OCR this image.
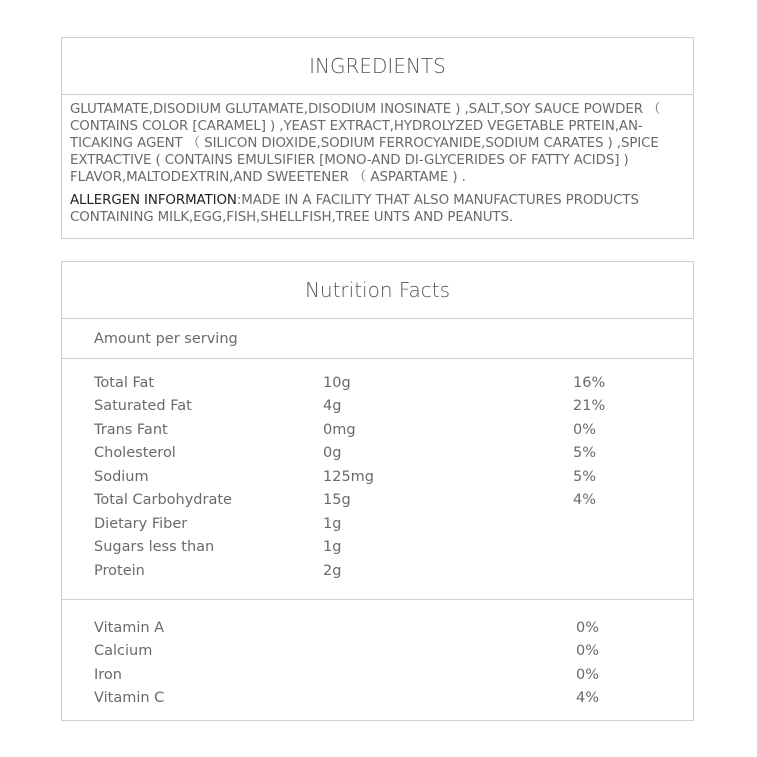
INGREDIENTS

GLUTAMATE,DISODIUM GLUTAMATE,DISODIUM INOSINATE ) ,SALT,SOY SAUCE POWDER （ CONTAINS COLOR [CARAMEL] ) ,YEAST EXTRACT,HYDROLYZED VEGETABLE PRTEIN,AN-TICAKING AGENT （ SILICON DIOXIDE,SODIUM FERROCYANIDE,SODIUM CARATES ) ,SPICE EXTRACTIVE ( CONTAINS EMULSIFIER [MONO-AND DI-GLYCERIDES OF FATTY ACIDS] ) FLAVOR,MALTODEXTRIN,AND SWEETENER （ ASPARTAME ) .

ALLERGEN INFORMATION:MADE IN A FACILITY THAT ALSO MANUFACTURES PRODUCTS CONTAINING MILK,EGG,FISH,SHELLFISH,TREE UNTS AND PEANUTS.

Nutrition Facts
Amount per serving
Total Fat	10g	16%
Saturated Fat	4g	21%
Trans Fant	0mg	0%
Cholesterol	0g	5%
Sodium	125mg	5%
Total Carbohydrate	15g	4%
Dietary Fiber	1g
Sugars less than	1g
Protein	2g
Vitamin A	0%
Calcium	0%
Iron	0%
Vitamin C	4%
